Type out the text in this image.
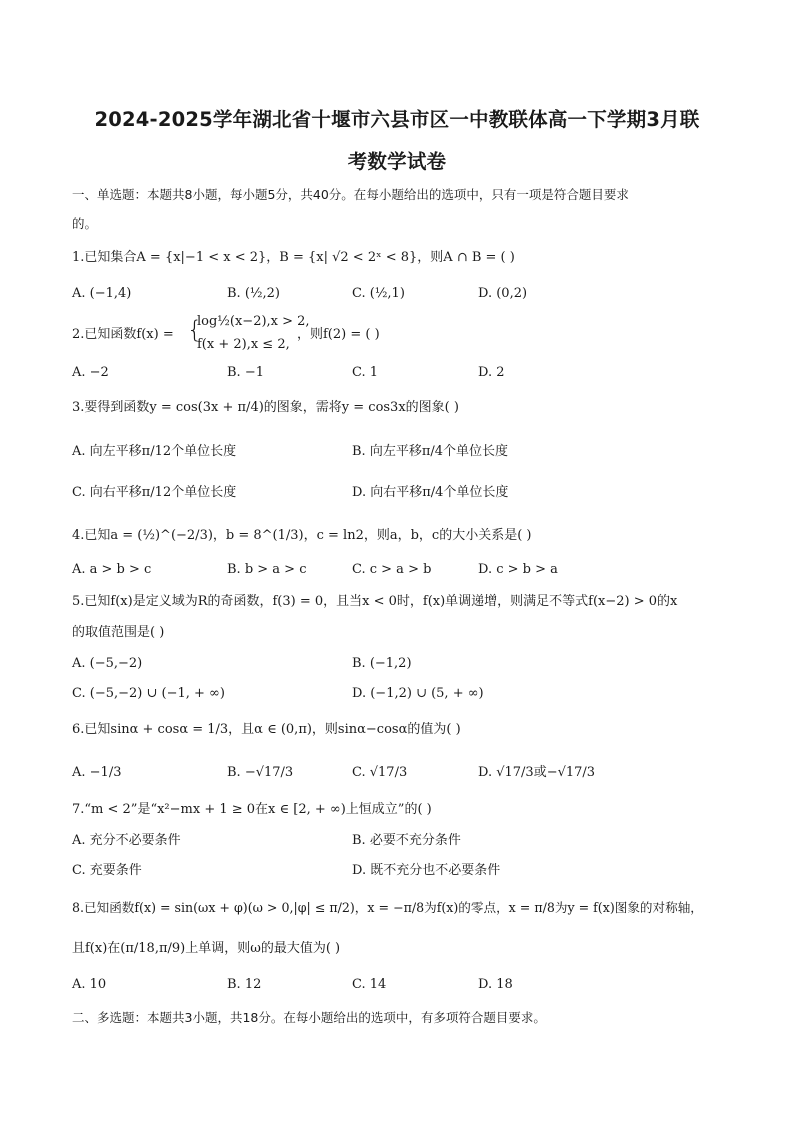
2024-2025学年湖北省十堰市六县市区一中教联体高一下学期3月联
考数学试卷
一、单选题：本题共8小题，每小题5分，共40分。在每小题给出的选项中，只有一项是符合题目要求
的。
1.已知集合A = {x|−1 < x < 2}，B = {x| √2 < 2ˣ < 8}，则A ∩ B = ( )
A. (−1,4)	B. (½,2)	C. (½,1)	D. (0,2)
2.已知函数f(x) = {
log½(x−2),x > 2,
f(x + 2),x ≤ 2,
，则f(2) = ( )
A. −2	B. −1	C. 1	D. 2
3.要得到函数y = cos(3x + π/4)的图象，需将y = cos3x的图象( )
A. 向左平移π/12个单位长度	B. 向左平移π/4个单位长度
C. 向右平移π/12个单位长度	D. 向右平移π/4个单位长度
4.已知a = (½)^(−2/3)，b = 8^(1/3)，c = ln2，则a，b，c的大小关系是( )
A. a > b > c	B. b > a > c	C. c > a > b	D. c > b > a
5.已知f(x)是定义域为R的奇函数，f(3) = 0，且当x < 0时，f(x)单调递增，则满足不等式f(x−2) > 0的x
的取值范围是( )
A. (−5,−2)	B. (−1,2)
C. (−5,−2) ∪ (−1, + ∞)	D. (−1,2) ∪ (5, + ∞)
6.已知sinα + cosα = 1/3，且α ∈ (0,π)，则sinα−cosα的值为( )
A. −1/3	B. −√17/3	C. √17/3	D. √17/3或−√17/3
7.“m < 2”是“x²−mx + 1 ≥ 0在x ∈ [2, + ∞)上恒成立”的( )
A. 充分不必要条件	B. 必要不充分条件
C. 充要条件	D. 既不充分也不必要条件
8.已知函数f(x) = sin(ωx + φ)(ω > 0,|φ| ≤ π/2)，x = −π/8为f(x)的零点，x = π/8为y = f(x)图象的对称轴，
且f(x)在(π/18,π/9)上单调，则ω的最大值为( )
A. 10	B. 12	C. 14	D. 18
二、多选题：本题共3小题，共18分。在每小题给出的选项中，有多项符合题目要求。
